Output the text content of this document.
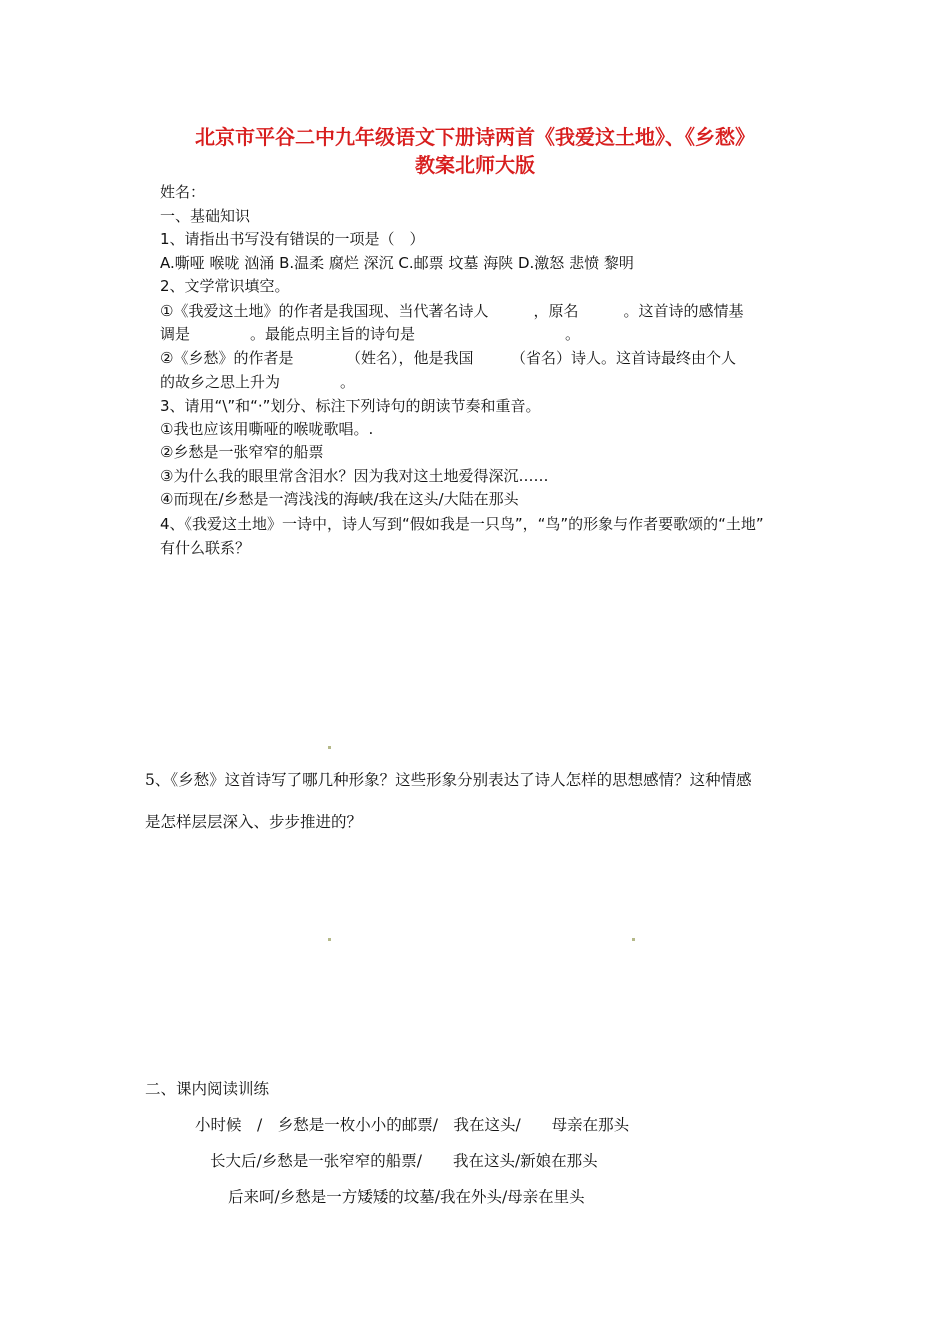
北京市平谷二中九年级语文下册诗两首《我爱这土地》、《乡愁》
教案北师大版
姓名：
一、基础知识
1、请指出书写没有错误的一项是（　）
A.嘶哑 喉咙 汹涌 B.温柔 腐烂 深沉 C.邮票 坟墓 海陕 D.激怒 悲愤 黎明
2、文学常识填空。
①《我爱这土地》的作者是我国现、当代著名诗人　　　，原名　　　。这首诗的感情基
调是　　　　。最能点明主旨的诗句是　　　　　　　　　　。
②《乡愁》的作者是　　　　（姓名），他是我国　　　（省名）诗人。这首诗最终由个人
的故乡之思上升为　　　　。
3、请用“\”和“·”划分、标注下列诗句的朗读节奏和重音。
①我也应该用嘶哑的喉咙歌唱。.
②乡愁是一张窄窄的船票
③为什么我的眼里常含泪水？因为我对这土地爱得深沉……
④而现在/乡愁是一湾浅浅的海峡/我在这头/大陆在那头
4、《我爱这土地》一诗中，诗人写到“假如我是一只鸟”，“鸟”的形象与作者要歌颂的“土地”
有什么联系？
5、《乡愁》这首诗写了哪几种形象？这些形象分别表达了诗人怎样的思想感情？这种情感
是怎样层层深入、步步推进的？
二、课内阅读训练
小时候　/　乡愁是一枚小小的邮票/　我在这头/　　母亲在那头
长大后/乡愁是一张窄窄的船票/　　我在这头/新娘在那头
后来呵/乡愁是一方矮矮的坟墓/我在外头/母亲在里头
